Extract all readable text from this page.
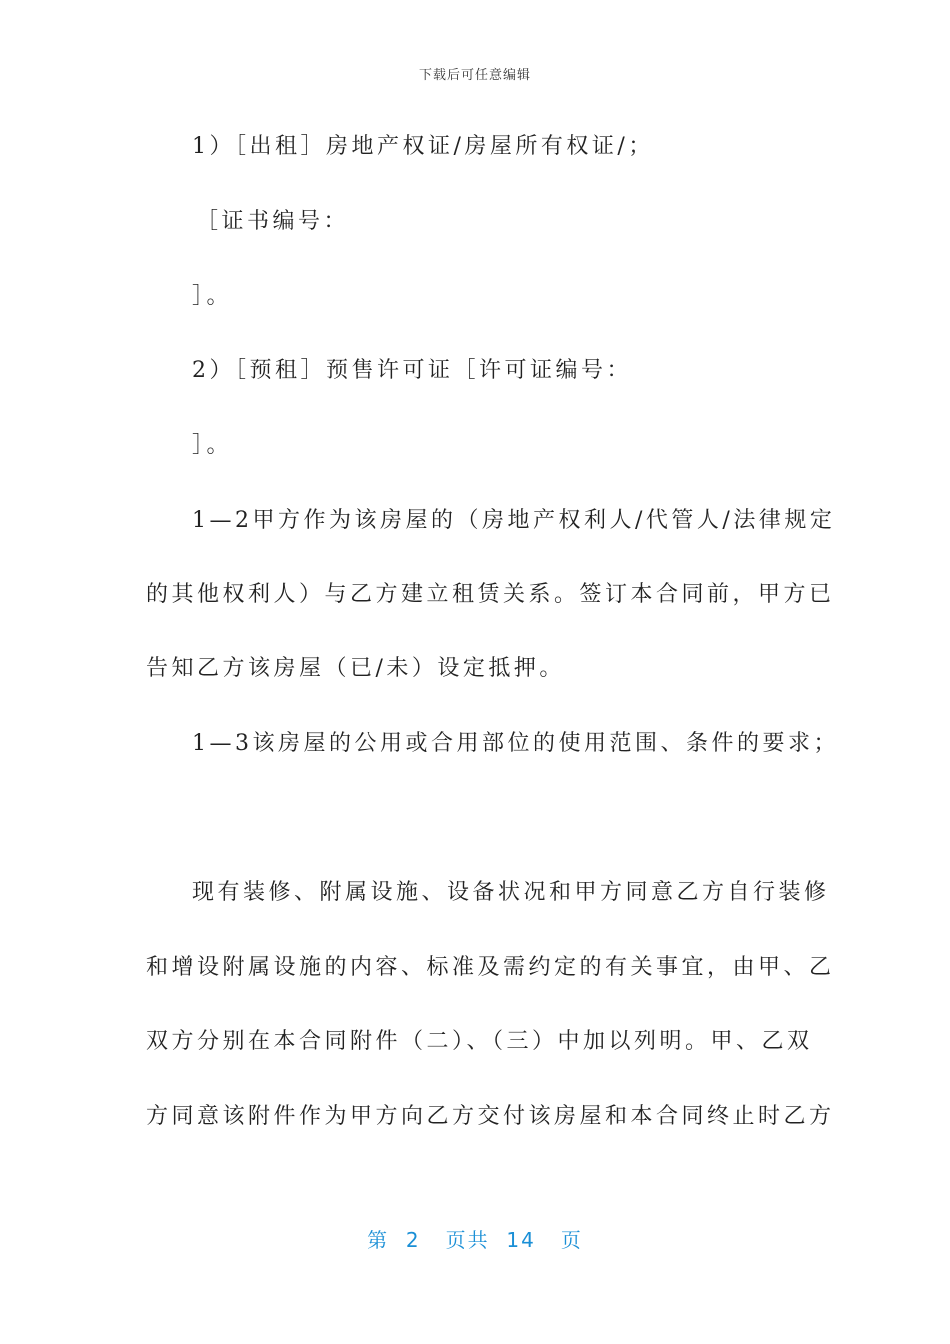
下载后可任意编辑
1）［出租］房地产权证/房屋所有权证/；
［证书编号：
］。
2）［预租］预售许可证［许可证编号：
］。
1—2甲方作为该房屋的（房地产权利人/代管人/法律规定
的其他权利人）与乙方建立租赁关系。签订本合同前，甲方已
告知乙方该房屋（已/未）设定抵押。
1—3该房屋的公用或合用部位的使用范围、条件的要求；
现有装修、附属设施、设备状况和甲方同意乙方自行装修
和增设附属设施的内容、标准及需约定的有关事宜，由甲、乙
双方分别在本合同附件（二）、（三）中加以列明。甲、乙双
方同意该附件作为甲方向乙方交付该房屋和本合同终止时乙方
第 2 页共 14 页
